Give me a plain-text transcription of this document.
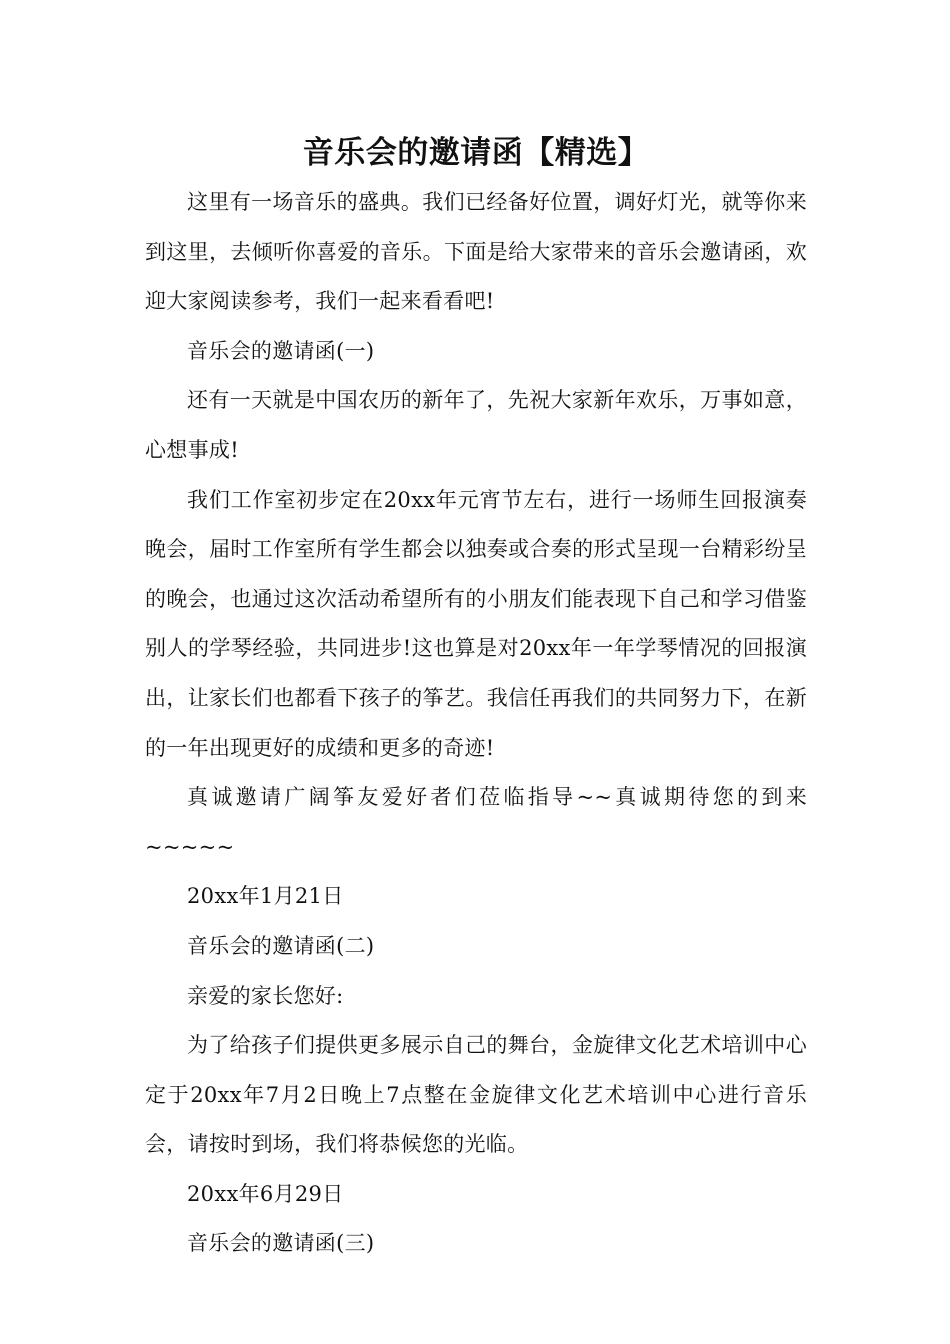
音乐会的邀请函【精选】

这里有一场音乐的盛典。我们已经备好位置，调好灯光，就等你来到这里，去倾听你喜爱的音乐。下面是给大家带来的音乐会邀请函，欢迎大家阅读参考，我们一起来看看吧!

音乐会的邀请函(一)

还有一天就是中国农历的新年了，先祝大家新年欢乐，万事如意，心想事成!

我们工作室初步定在20xx年元宵节左右，进行一场师生回报演奏晚会，届时工作室所有学生都会以独奏或合奏的形式呈现一台精彩纷呈的晚会，也通过这次活动希望所有的小朋友们能表现下自己和学习借鉴别人的学琴经验，共同进步!这也算是对20xx年一年学琴情况的回报演出，让家长们也都看下孩子的筝艺。我信任再我们的共同努力下，在新的一年出现更好的成绩和更多的奇迹!

真诚邀请广阔筝友爱好者们莅临指导~~真诚期待您的到来~~~~~

20xx年1月21日

音乐会的邀请函(二)

亲爱的家长您好:

为了给孩子们提供更多展示自己的舞台，金旋律文化艺术培训中心定于20xx年7月2日晚上7点整在金旋律文化艺术培训中心进行音乐会，请按时到场，我们将恭候您的光临。

20xx年6月29日

音乐会的邀请函(三)
